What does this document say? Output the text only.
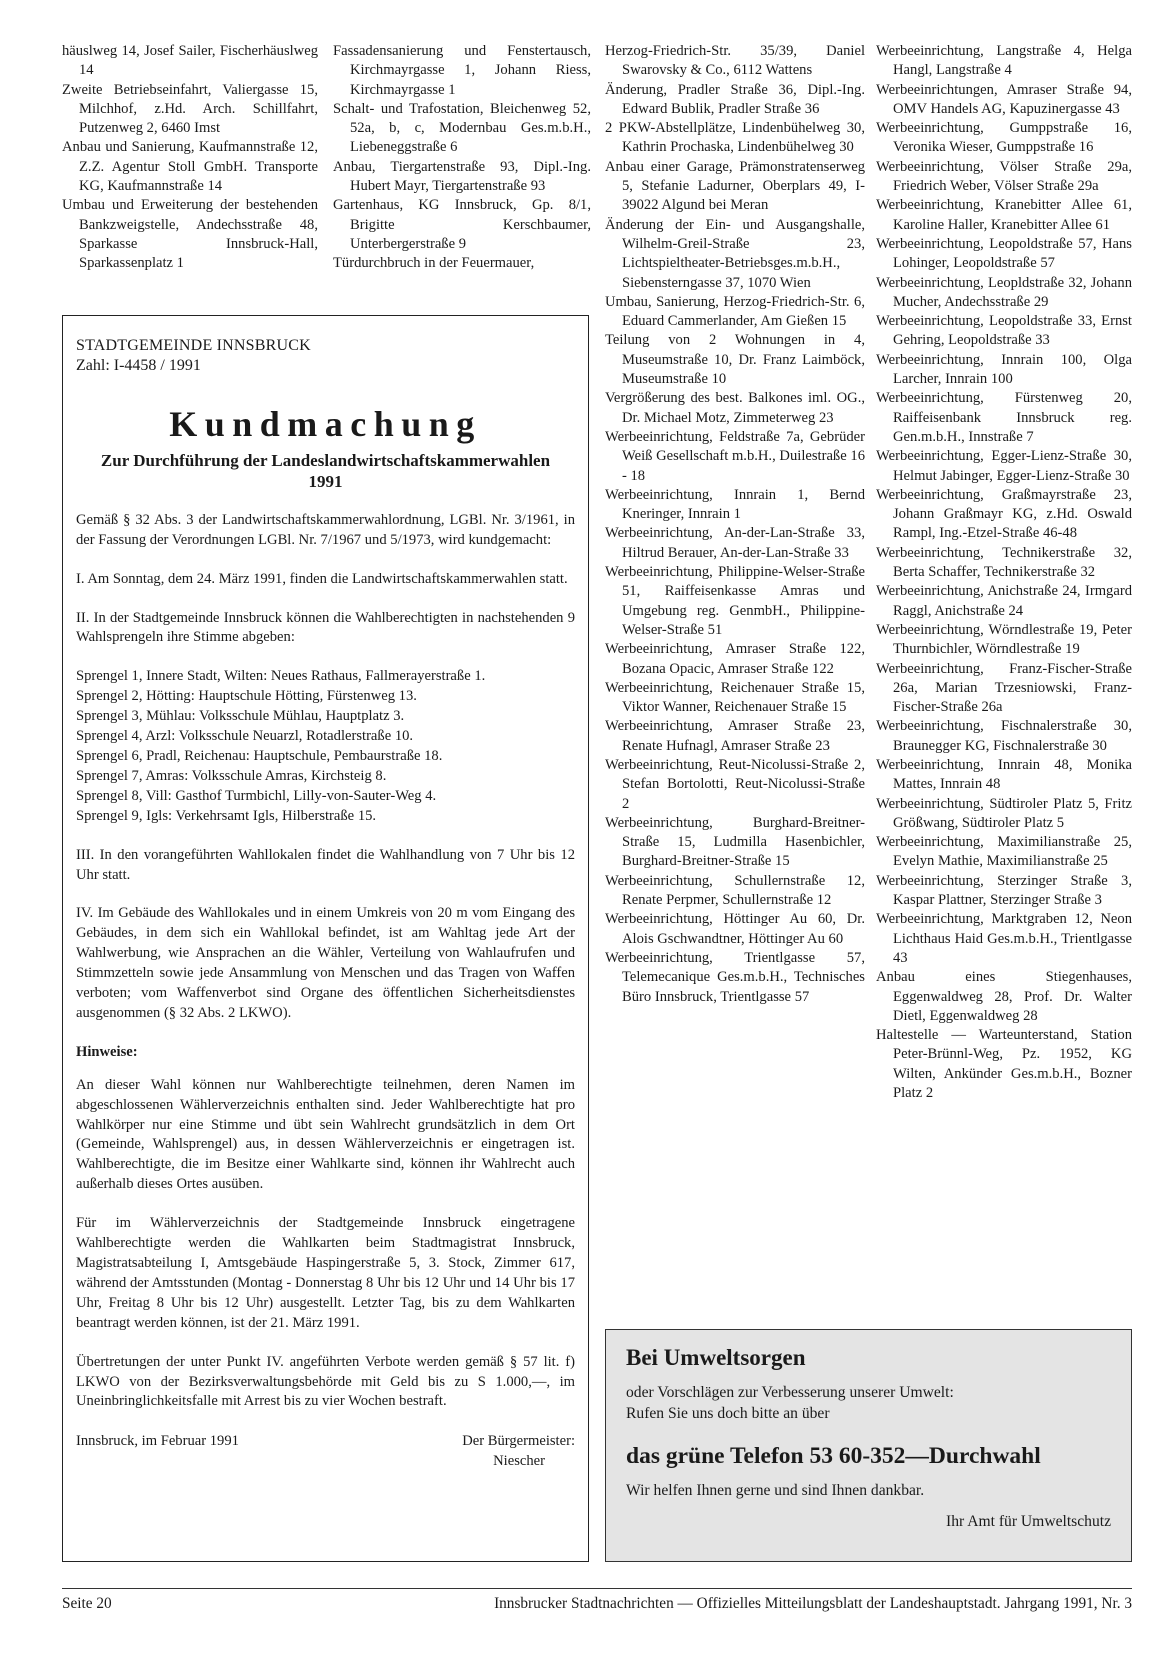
häuslweg 14, Josef Sailer, Fischerhäuslweg 14

Zweite Betriebseinfahrt, Valiergasse 15, Milchhof, z.Hd. Arch. Schillfahrt, Putzenweg 2, 6460 Imst

Anbau und Sanierung, Kaufmannstraße 12, Z.Z. Agentur Stoll GmbH. Transporte KG, Kaufmannstraße 14

Umbau und Erweiterung der bestehenden Bankzweigstelle, Andechsstraße 48, Sparkasse Innsbruck-Hall, Sparkassenplatz 1

Fassadensanierung und Fenstertausch, Kirchmayrgasse 1, Johann Riess, Kirchmayrgasse 1

Schalt- und Trafostation, Bleichenweg 52, 52a, b, c, Modernbau Ges.m.b.H., Liebeneggstraße 6

Anbau, Tiergartenstraße 93, Dipl.-Ing. Hubert Mayr, Tiergartenstraße 93

Gartenhaus, KG Innsbruck, Gp. 8/1, Brigitte Kerschbaumer, Unterbergerstraße 9

Türdurchbruch in der Feuermauer,

Herzog-Friedrich-Str. 35/39, Daniel Swarovsky & Co., 6112 Wattens

Änderung, Pradler Straße 36, Dipl.-Ing. Edward Bublik, Pradler Straße 36

2 PKW-Abstellplätze, Lindenbühelweg 30, Kathrin Prochaska, Lindenbühelweg 30

Anbau einer Garage, Prämonstratenserweg 5, Stefanie Ladurner, Oberplars 49, I-39022 Algund bei Meran

Änderung der Ein- und Ausgangshalle, Wilhelm-Greil-Straße 23, Lichtspieltheater-Betriebsges.m.b.H., Siebensterngasse 37, 1070 Wien

Umbau, Sanierung, Herzog-Friedrich-Str. 6, Eduard Cammerlander, Am Gießen 15

Teilung von 2 Wohnungen in 4, Museumstraße 10, Dr. Franz Laimböck, Museumstraße 10

Vergrößerung des best. Balkones iml. OG., Dr. Michael Motz, Zimmeterweg 23

Werbeeinrichtung, Feldstraße 7a, Gebrüder Weiß Gesellschaft m.b.H., Duilestraße 16 - 18

Werbeeinrichtung, Innrain 1, Bernd Kneringer, Innrain 1

Werbeeinrichtung, An-der-Lan-Straße 33, Hiltrud Berauer, An-der-Lan-Straße 33

Werbeeinrichtung, Philippine-Welser-Straße 51, Raiffeisenkasse Amras und Umgebung reg. GenmbH., Philippine-Welser-Straße 51

Werbeeinrichtung, Amraser Straße 122, Bozana Opacic, Amraser Straße 122

Werbeeinrichtung, Reichenauer Straße 15, Viktor Wanner, Reichenauer Straße 15

Werbeeinrichtung, Amraser Straße 23, Renate Hufnagl, Amraser Straße 23

Werbeeinrichtung, Reut-Nicolussi-Straße 2, Stefan Bortolotti, Reut-Nicolussi-Straße 2

Werbeeinrichtung, Burghard-Breitner-Straße 15, Ludmilla Hasenbichler, Burghard-Breitner-Straße 15

Werbeeinrichtung, Schullernstraße 12, Renate Perpmer, Schullernstraße 12

Werbeeinrichtung, Höttinger Au 60, Dr. Alois Gschwandtner, Höttinger Au 60

Werbeeinrichtung, Trientlgasse 57, Telemecanique Ges.m.b.H., Technisches Büro Innsbruck, Trientlgasse 57

Werbeeinrichtung, Langstraße 4, Helga Hangl, Langstraße 4

Werbeeinrichtungen, Amraser Straße 94, OMV Handels AG, Kapuzinergasse 43

Werbeeinrichtung, Gumppstraße 16, Veronika Wieser, Gumppstraße 16

Werbeeinrichtung, Völser Straße 29a, Friedrich Weber, Völser Straße 29a

Werbeeinrichtung, Kranebitter Allee 61, Karoline Haller, Kranebitter Allee 61

Werbeeinrichtung, Leopoldstraße 57, Hans Lohinger, Leopoldstraße 57

Werbeeinrichtung, Leopldstraße 32, Johann Mucher, Andechsstraße 29

Werbeeinrichtung, Leopoldstraße 33, Ernst Gehring, Leopoldstraße 33

Werbeeinrichtung, Innrain 100, Olga Larcher, Innrain 100

Werbeeinrichtung, Fürstenweg 20, Raiffeisenbank Innsbruck reg. Gen.m.b.H., Innstraße 7

Werbeeinrichtung, Egger-Lienz-Straße 30, Helmut Jabinger, Egger-Lienz-Straße 30

Werbeeinrichtung, Graßmayrstraße 23, Johann Graßmayr KG, z.Hd. Oswald Rampl, Ing.-Etzel-Straße 46-48

Werbeeinrichtung, Technikerstraße 32, Berta Schaffer, Technikerstraße 32

Werbeeinrichtung, Anichstraße 24, Irmgard Raggl, Anichstraße 24

Werbeeinrichtung, Wörndlestraße 19, Peter Thurnbichler, Wörndlestraße 19

Werbeeinrichtung, Franz-Fischer-Straße 26a, Marian Trzesniowski, Franz-Fischer-Straße 26a

Werbeeinrichtung, Fischnalerstraße 30, Braunegger KG, Fischnalerstraße 30

Werbeeinrichtung, Innrain 48, Monika Mattes, Innrain 48

Werbeeinrichtung, Südtiroler Platz 5, Fritz Größwang, Südtiroler Platz 5

Werbeeinrichtung, Maximilianstraße 25, Evelyn Mathie, Maximilianstraße 25

Werbeeinrichtung, Sterzinger Straße 3, Kaspar Plattner, Sterzinger Straße 3

Werbeeinrichtung, Marktgraben 12, Neon Lichthaus Haid Ges.m.b.H., Trientlgasse 43

Anbau eines Stiegenhauses, Eggenwaldweg 28, Prof. Dr. Walter Dietl, Eggenwaldweg 28

Haltestelle — Warteunterstand, Station Peter-Brünnl-Weg, Pz. 1952, KG Wilten, Ankünder Ges.m.b.H., Bozner Platz 2

STADTGEMEINDE INNSBRUCK

Zahl: I-4458 / 1991

Kundmachung

Zur Durchführung der Landeslandwirtschaftskammerwahlen 1991

Gemäß § 32 Abs. 3 der Landwirtschaftskammerwahlordnung, LGBl. Nr. 3/1961, in der Fassung der Verordnungen LGBl. Nr. 7/1967 und 5/1973, wird kundgemacht:

I. Am Sonntag, dem 24. März 1991, finden die Landwirtschaftskammerwahlen statt.

II. In der Stadtgemeinde Innsbruck können die Wahlberechtigten in nachstehenden 9 Wahlsprengeln ihre Stimme abgeben:

Sprengel 1, Innere Stadt, Wilten: Neues Rathaus, Fallmerayerstraße 1.

Sprengel 2, Hötting: Hauptschule Hötting, Fürstenweg 13.

Sprengel 3, Mühlau: Volksschule Mühlau, Hauptplatz 3.

Sprengel 4, Arzl: Volksschule Neuarzl, Rotadlerstraße 10.

Sprengel 6, Pradl, Reichenau: Hauptschule, Pembaurstraße 18.

Sprengel 7, Amras: Volksschule Amras, Kirchsteig 8.

Sprengel 8, Vill: Gasthof Turmbichl, Lilly-von-Sauter-Weg 4.

Sprengel 9, Igls: Verkehrsamt Igls, Hilberstraße 15.

III. In den vorangeführten Wahllokalen findet die Wahlhandlung von 7 Uhr bis 12 Uhr statt.

IV. Im Gebäude des Wahllokales und in einem Umkreis von 20 m vom Eingang des Gebäudes, in dem sich ein Wahllokal befindet, ist am Wahltag jede Art der Wahlwerbung, wie Ansprachen an die Wähler, Verteilung von Wahlaufrufen und Stimmzetteln sowie jede Ansammlung von Menschen und das Tragen von Waffen verboten; vom Waffenverbot sind Organe des öffentlichen Sicherheitsdienstes ausgenommen (§ 32 Abs. 2 LKWO).

Hinweise:

An dieser Wahl können nur Wahlberechtigte teilnehmen, deren Namen im abgeschlossenen Wählerverzeichnis enthalten sind. Jeder Wahlberechtigte hat pro Wahlkörper nur eine Stimme und übt sein Wahlrecht grundsätzlich in dem Ort (Gemeinde, Wahlsprengel) aus, in dessen Wählerverzeichnis er eingetragen ist. Wahlberechtigte, die im Besitze einer Wahlkarte sind, können ihr Wahlrecht auch außerhalb dieses Ortes ausüben.

Für im Wählerverzeichnis der Stadtgemeinde Innsbruck eingetragene Wahlberechtigte werden die Wahlkarten beim Stadtmagistrat Innsbruck, Magistratsabteilung I, Amtsgebäude Haspingerstraße 5, 3. Stock, Zimmer 617, während der Amtsstunden (Montag - Donnerstag 8 Uhr bis 12 Uhr und 14 Uhr bis 17 Uhr, Freitag 8 Uhr bis 12 Uhr) ausgestellt. Letzter Tag, bis zu dem Wahlkarten beantragt werden können, ist der 21. März 1991.

Übertretungen der unter Punkt IV. angeführten Verbote werden gemäß § 57 lit. f) LKWO von der Bezirksverwaltungsbehörde mit Geld bis zu S 1.000,—, im Uneinbringlichkeitsfalle mit Arrest bis zu vier Wochen bestraft.

Innsbruck, im Februar 1991	Der Bürgermeister:
Niescher

Bei Umweltsorgen

oder Vorschlägen zur Verbesserung unserer Umwelt:

Rufen Sie uns doch bitte an über

das grüne Telefon 53 60-352—Durchwahl

Wir helfen Ihnen gerne und sind Ihnen dankbar.

Ihr Amt für Umweltschutz

Seite 20	Innsbrucker Stadtnachrichten — Offizielles Mitteilungsblatt der Landeshauptstadt. Jahrgang 1991, Nr. 3
